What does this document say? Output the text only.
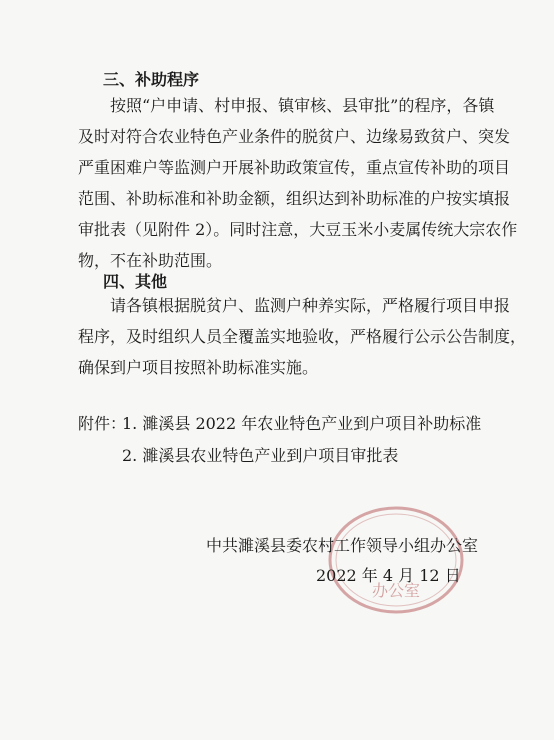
三、补助程序

按照“户申请、村申报、镇审核、县审批”的程序，各镇

及时对符合农业特色产业条件的脱贫户、边缘易致贫户、突发

严重困难户等监测户开展补助政策宣传，重点宣传补助的项目

范围、补助标准和补助金额，组织达到补助标准的户按实填报

审批表（见附件 2）。同时注意，大豆玉米小麦属传统大宗农作

物，不在补助范围。

四、其他

请各镇根据脱贫户、监测户种养实际，严格履行项目申报

程序，及时组织人员全覆盖实地验收，严格履行公示公告制度，

确保到户项目按照补助标准实施。

附件：
1. 濉溪县 2022 年农业特色产业到户项目补助标准
2. 濉溪县农业特色产业到户项目审批表
办公室
中共濉溪县委农村工作领导小组办公室
2022 年 4 月 12 日
